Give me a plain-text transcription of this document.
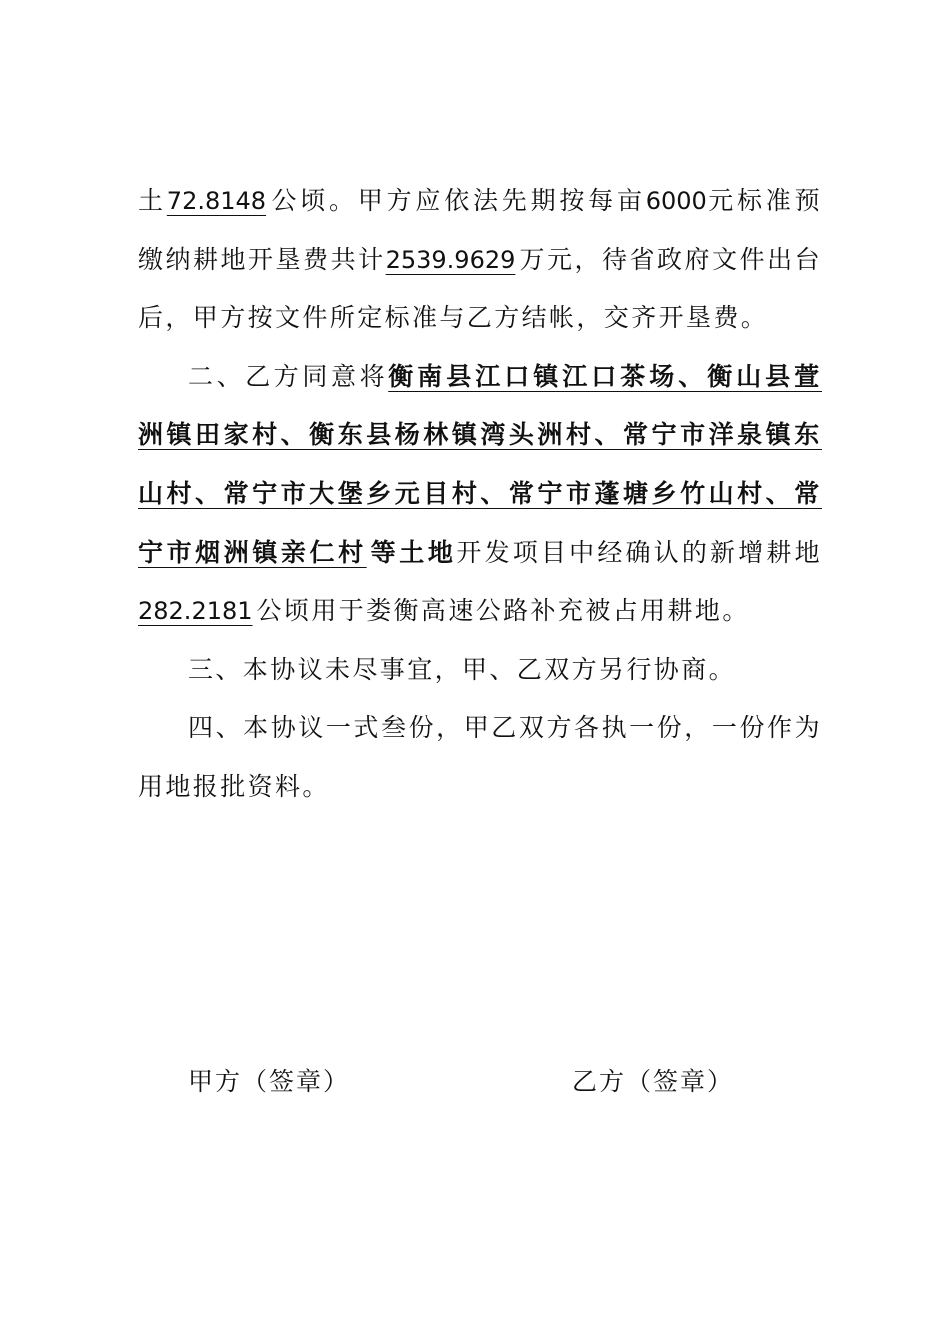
土72.8148 公顷。甲方应依法先期按每亩6000元标准预缴纳耕地开垦费共计2539.9629 万元，待省政府文件出台后，甲方按文件所定标准与乙方结帐，交齐开垦费。

二、乙方同意将衡南县江口镇江口茶场、衡山县萱洲镇田家村、衡东县杨林镇湾头洲村、常宁市洋泉镇东山村、常宁市大堡乡元目村、常宁市蓬塘乡竹山村、常宁市烟洲镇亲仁村 等土地开发项目中经确认的新增耕地282.2181 公顷用于娄衡高速公路补充被占用耕地。

三、本协议未尽事宜，甲、乙双方另行协商。

四、本协议一式叁份，甲乙双方各执一份，一份作为用地报批资料。

甲方（签章）	乙方（签章）
